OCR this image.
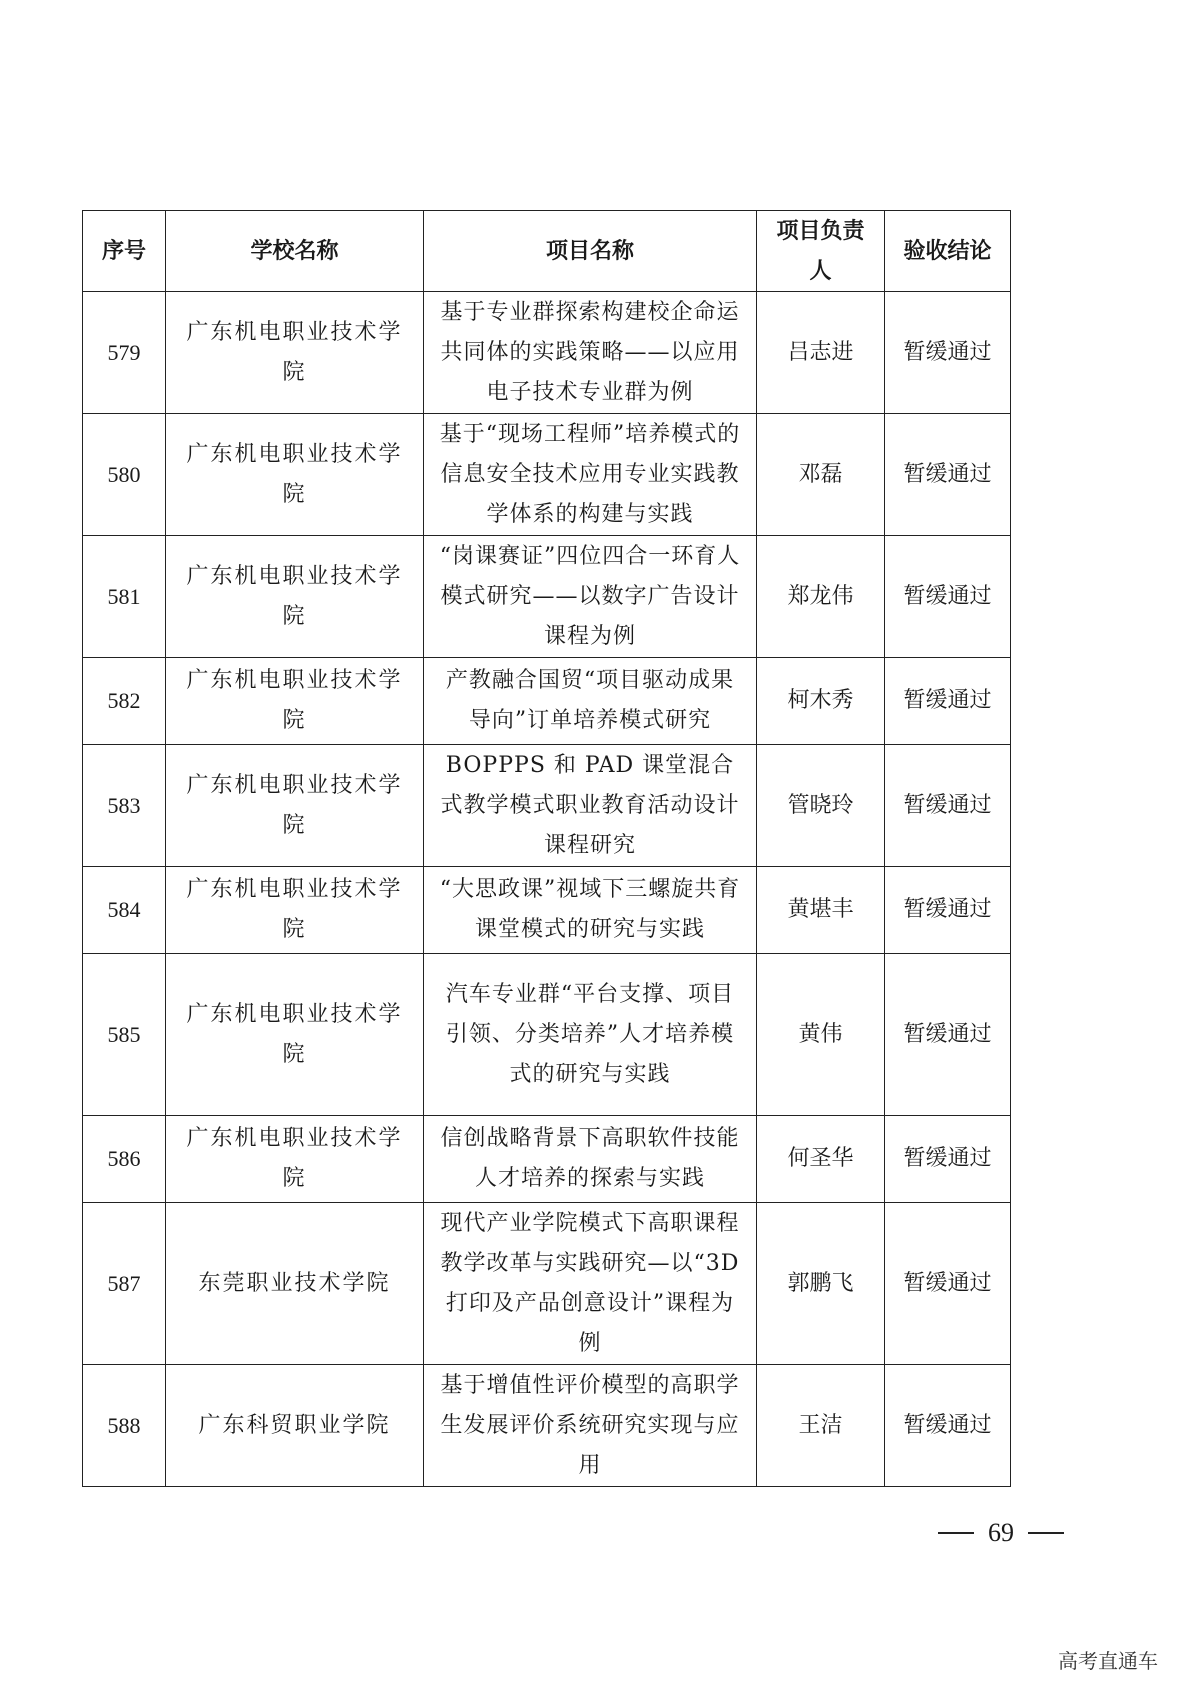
序号	学校名称	项目名称	项目负责人	验收结论
579	广东机电职业技术学院	基于专业群探索构建校企命运共同体的实践策略——以应用电子技术专业群为例	吕志进	暂缓通过
580	广东机电职业技术学院	基于“现场工程师”培养模式的信息安全技术应用专业实践教学体系的构建与实践	邓磊	暂缓通过
581	广东机电职业技术学院	“岗课赛证”四位四合一环育人模式研究——以数字广告设计课程为例	郑龙伟	暂缓通过
582	广东机电职业技术学院	产教融合国贸“项目驱动成果导向”订单培养模式研究	柯木秀	暂缓通过
583	广东机电职业技术学院	BOPPPS 和 PAD 课堂混合式教学模式职业教育活动设计课程研究	管晓玲	暂缓通过
584	广东机电职业技术学院	“大思政课”视域下三螺旋共育课堂模式的研究与实践	黄堪丰	暂缓通过
585	广东机电职业技术学院	汽车专业群“平台支撑、项目引领、分类培养”人才培养模式的研究与实践	黄伟	暂缓通过
586	广东机电职业技术学院	信创战略背景下高职软件技能人才培养的探索与实践	何圣华	暂缓通过
587	东莞职业技术学院	现代产业学院模式下高职课程教学改革与实践研究—以“3D 打印及产品创意设计”课程为例	郭鹏飞	暂缓通过
588	广东科贸职业学院	基于增值性评价模型的高职学生发展评价系统研究实现与应用	王洁	暂缓通过
69
高考直通车
